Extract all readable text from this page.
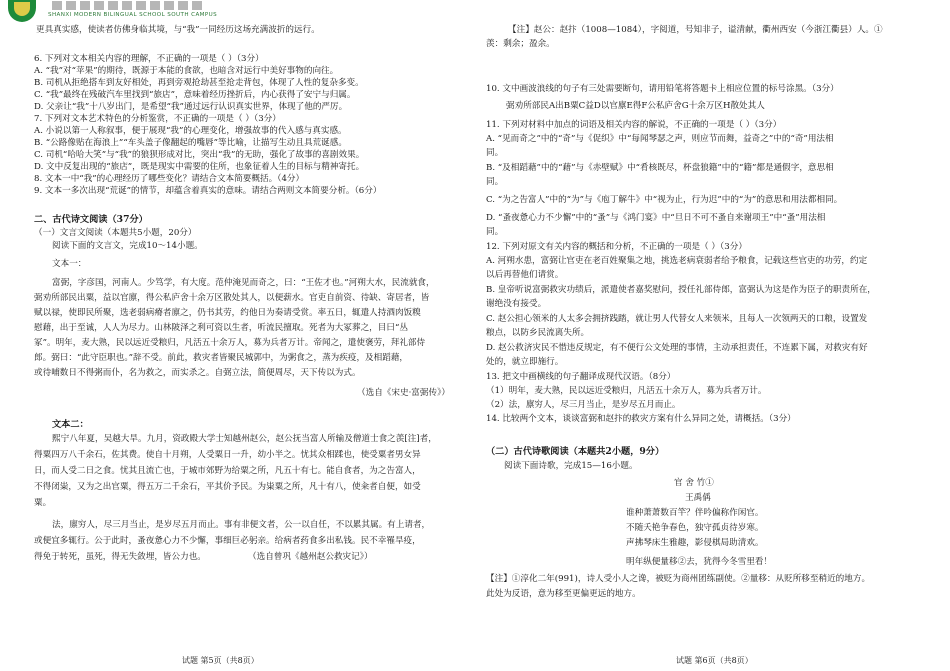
SHANXI MODERN BILINGUAL SCHOOL SOUTH CAMPUS
更具真实感，使读者仿佛身临其境，与“我”一同经历这场充满波折的远行。
6. 下列对文本相关内容的理解，不正确的一项是（ ）（3分）
A. “我”对“苹果”的期待，既源于本能的食欲，也暗含对远行中美好事物的向往。
B. 司机从拒绝搭车到友好相处，再到旁观抢劫甚至抢走背包，体现了人性的复杂多变。
C. “我”最终在残破汽车里找到“旅店”，意味着经历挫折后，内心获得了安宁与归属。
D. 父亲让“我”十八岁出门，是希望“我”通过远行认识真实世界，体现了他的严厉。
7. 下列对文本艺术特色的分析鉴赏，不正确的一项是（ ）（3分）
A. 小说以第一人称叙事，便于展现“我”的心理变化，增强故事的代入感与真实感。
B. “公路像贴在海浪上”“车头盖子像翻起的嘴唇”等比喻，让描写生动且具荒诞感。
C. 司机“哈哈大笑”与“我”的狼狈形成对比，突出“我”的无助，强化了故事的喜剧效果。
D. 文中反复出现的“旅店”，既是现实中需要的住所，也象征着人生的目标与精神寄托。
8. 文本一中“我”的心理经历了哪些变化？请结合文本简要概括。（4分）
9. 文本一多次出现“荒诞”的情节，却蕴含着真实的意味。请结合两则文本简要分析。（6分）
二、古代诗文阅读（37分）
（一）文言文阅读（本题共5小题，20分）
阅读下面的文言文，完成10～14小题。
文本一：
富弼，字彦国，河南人。少笃学，有大度。范仲淹见而奇之，曰：“王佐才也。”河朔大水，民流就食，
弼劝所部民出粟，益以官廪，得公私庐舍十余万区散处其人，以便薪水。官吏自前资、待缺、寄居者，皆
赋以禄，使即民所聚，选老弱病瘠者廪之，仍书其劳，约他日为奏请受赏。率五日，辄遣人持酒肉饭糗
慰藉，出于至诚，人人为尽力。山林陂泽之利可资以生者，听流民擅取。死者为大冢葬之，目曰“丛
冢”。明年，麦大熟，民以远近受粮归，凡活五十余万人，募为兵者万计。帝闻之，遣使褒劳，拜礼部侍
郎。弼曰：“此守臣职也。”辞不受。前此，救灾者皆聚民城郭中，为粥食之，蒸为疾疫，及相蹈藉，
或待哺数日不得粥而仆，名为救之，而实杀之。自弼立法，简便周尽，天下传以为式。
（选自《宋史·富弼传》）
文本二：
熙宁八年夏，吴越大旱。九月，资政殿大学士知越州赵公，赵公抚当富人所输及僧道士食之羡[注]者，
得粟四万八千余石，佐其费。使自十月朔，人受粟日一升，幼小半之。忧其众相蹂也，使受粟者男女异
日，而人受二日之食。忧其且流亡也，于城市郊野为给粟之所，凡五十有七。能自食者，为之告富人，
不得闭粜，又为之出官粟，得五万二千余石，平其价予民。为粜粟之所，凡十有八，使籴者自便，如受
粟。
法，廪穷人，尽三月当止，是岁尽五月而止。事有非便文者，公一以自任，不以累其属。有上请者，
或便宜多辄行。公于此时，蚤夜惫心力不少懈，事细巨必躬亲。给病者药食多出私钱。民不幸罹旱疫，
得免于转死，虽死，得无失敛埋，皆公力也。	（选自曾巩《越州赵公救灾记》）
试题 第5页（共8页）
【注】赵公：赵抃（1008—1084），字阅道，号知非子，谥清献，衢州西安（今浙江衢县）人。①
羡：剩余；盈余。
10. 文中画波浪线的句子有三处需要断句，请用铅笔将答题卡上相应位置的标号涂黑。（3分）
弼劝所部民A出B粟C益D以官廪E得F公私庐舍G十余万区H散处其人
11. 下列对材料中加点的词语及相关内容的解说，不正确的一项是（ ）（3分）
A. “见而奇之”中的“奇”与《促织》中“每闻琴瑟之声，则应节而舞，益奇之”中的“奇”用法相
同。
B. “及相蹈藉”中的“藉”与《赤壁赋》中“肴核既尽，杯盘狼籍”中的“籍”都是通假字，意思相
同。
C. “为之告富人”中的“为”与《庖丁解牛》中“视为止，行为迟”中的“为”的意思和用法都相同。
D. “蚤夜惫心力不少懈”中的“蚤”与《鸿门宴》中“旦日不可不蚤自来谢项王”中“蚤”用法相
同。
12. 下列对原文有关内容的概括和分析，不正确的一项是（ ）（3分）
A. 河朔水患，富弼让官吏在老百姓聚集之地，挑选老病衰弱者给予粮食，记载这些官吏的功劳，约定
以后再替他们请赏。
B. 皇帝听说富弼救灾功绩后，派遣使者嘉奖慰问，授任礼部侍郎，富弼认为这是作为臣子的职责所在，
谢绝没有接受。
C. 赵公担心领米的人太多会拥挤践踏，就让男人代替女人来领米，且每人一次领两天的口粮，设置发
粮点，以防乡民流离失所。
D. 赵公救济灾民不惜违反规定，有不便行公文处理的事情，主动承担责任，不连累下属，对救灾有好
处的，就立即施行。
13. 把文中画横线的句子翻译成现代汉语。（8分）
（1）明年，麦大熟，民以远近受粮归，凡活五十余万人，募为兵者万计。
（2）法，廪穷人，尽三月当止，是岁尽五月而止。
14. 比较两个文本，谈谈富弼和赵抃的救灾方案有什么异同之处，请概括。（3分）
（二）古代诗歌阅读（本题共2小题，9分）
阅读下面诗歌，完成15—16小题。
官 舍 竹①
王禹偁
谁种萧萧数百竿？伴吟偏称作闲官。
不随夭艳争春色，独守孤贞待岁寒。
声拂琴床生雅趣，影侵棋局助清欢。
明年纵便量移②去，犹得今冬雪里看！
【注】①淳化二年(991)，诗人受小人之谗，被贬为商州团练副使。②量移：从贬所移至稍近的地方。
此处为反语，意为移至更偏更远的地方。
试题 第6页（共8页）
